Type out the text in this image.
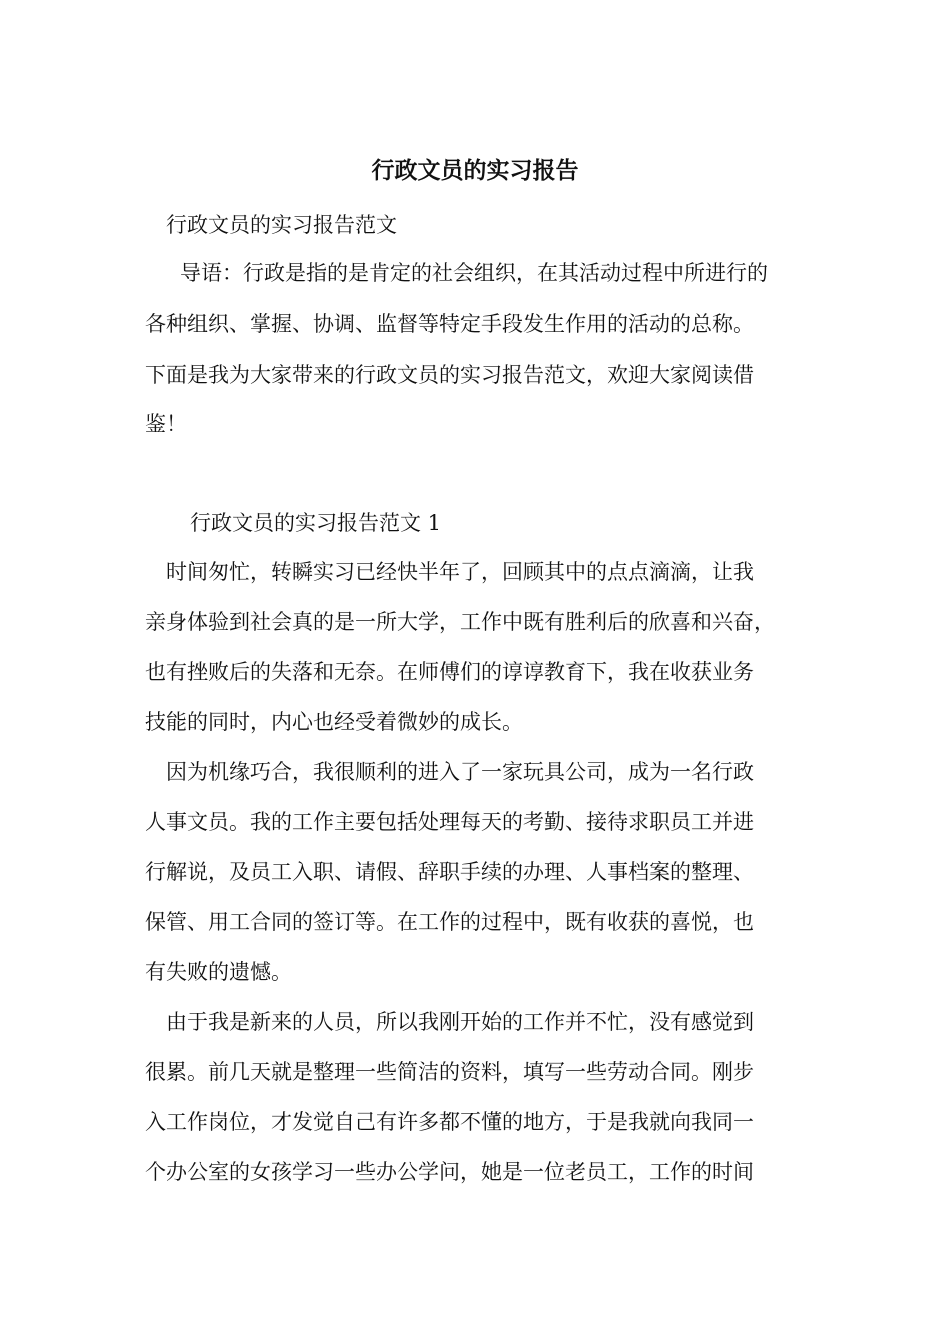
行政文员的实习报告

行政文员的实习报告范文

导语：行政是指的是肯定的社会组织，在其活动过程中所进行的

各种组织、掌握、协调、监督等特定手段发生作用的活动的总称。

下面是我为大家带来的行政文员的实习报告范文，欢迎大家阅读借

鉴！

行政文员的实习报告范文 1

时间匆忙，转瞬实习已经快半年了，回顾其中的点点滴滴，让我

亲身体验到社会真的是一所大学，工作中既有胜利后的欣喜和兴奋，

也有挫败后的失落和无奈。在师傅们的谆谆教育下，我在收获业务

技能的同时，内心也经受着微妙的成长。

因为机缘巧合，我很顺利的进入了一家玩具公司，成为一名行政

人事文员。我的工作主要包括处理每天的考勤、接待求职员工并进

行解说，及员工入职、请假、辞职手续的办理、人事档案的整理、

保管、用工合同的签订等。在工作的过程中，既有收获的喜悦，也

有失败的遗憾。

由于我是新来的人员，所以我刚开始的工作并不忙，没有感觉到

很累。前几天就是整理一些简洁的资料，填写一些劳动合同。刚步

入工作岗位，才发觉自己有许多都不懂的地方，于是我就向我同一

个办公室的女孩学习一些办公学问，她是一位老员工，工作的时间
